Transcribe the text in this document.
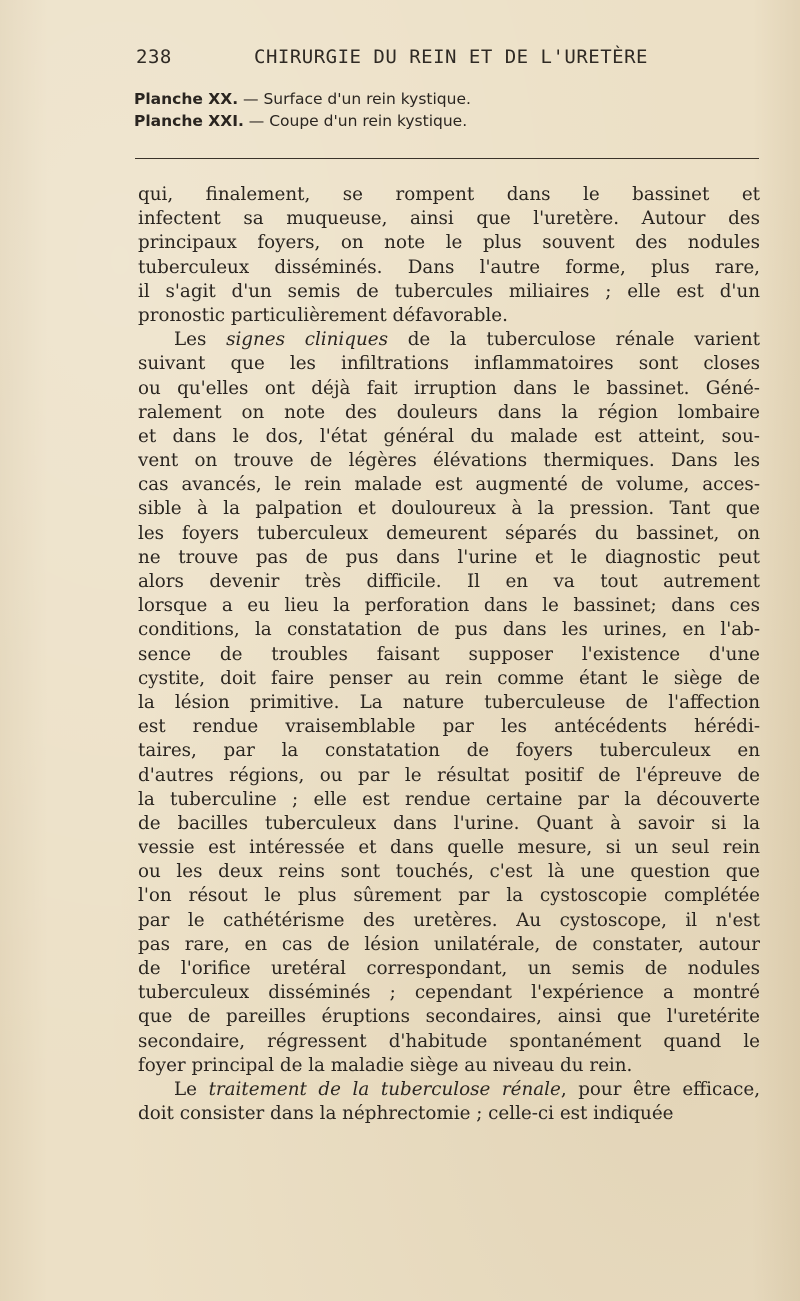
238	CHIRURGIE DU REIN ET DE L'URETÈRE
Planche XX. — Surface d'un rein kystique.
Planche XXI. — Coupe d'un rein kystique.
qui, finalement, se rompent dans le bassinet et
infectent sa muqueuse, ainsi que l'uretère. Autour des
principaux foyers, on note le plus souvent des nodules
tuberculeux disséminés. Dans l'autre forme, plus rare,
il s'agit d'un semis de tubercules miliaires ; elle est d'un
pronostic particulièrement défavorable.
Les signes cliniques de la tuberculose rénale varient
suivant que les infiltrations inflammatoires sont closes
ou qu'elles ont déjà fait irruption dans le bassinet. Géné-
ralement on note des douleurs dans la région lombaire
et dans le dos, l'état général du malade est atteint, sou-
vent on trouve de légères élévations thermiques. Dans les
cas avancés, le rein malade est augmenté de volume, acces-
sible à la palpation et douloureux à la pression. Tant que
les foyers tuberculeux demeurent séparés du bassinet, on
ne trouve pas de pus dans l'urine et le diagnostic peut
alors devenir très difficile. Il en va tout autrement
lorsque a eu lieu la perforation dans le bassinet; dans ces
conditions, la constatation de pus dans les urines, en l'ab-
sence de troubles faisant supposer l'existence d'une
cystite, doit faire penser au rein comme étant le siège de
la lésion primitive. La nature tuberculeuse de l'affection
est rendue vraisemblable par les antécédents hérédi-
taires, par la constatation de foyers tuberculeux en
d'autres régions, ou par le résultat positif de l'épreuve de
la tuberculine ; elle est rendue certaine par la découverte
de bacilles tuberculeux dans l'urine. Quant à savoir si la
vessie est intéressée et dans quelle mesure, si un seul rein
ou les deux reins sont touchés, c'est là une question que
l'on résout le plus sûrement par la cystoscopie complétée
par le cathétérisme des uretères. Au cystoscope, il n'est
pas rare, en cas de lésion unilatérale, de constater, autour
de l'orifice uretéral correspondant, un semis de nodules
tuberculeux disséminés ; cependant l'expérience a montré
que de pareilles éruptions secondaires, ainsi que l'uretérite
secondaire, régressent d'habitude spontanément quand le
foyer principal de la maladie siège au niveau du rein.
Le traitement de la tuberculose rénale, pour être efficace,
doit consister dans la néphrectomie ; celle-ci est indiquée
